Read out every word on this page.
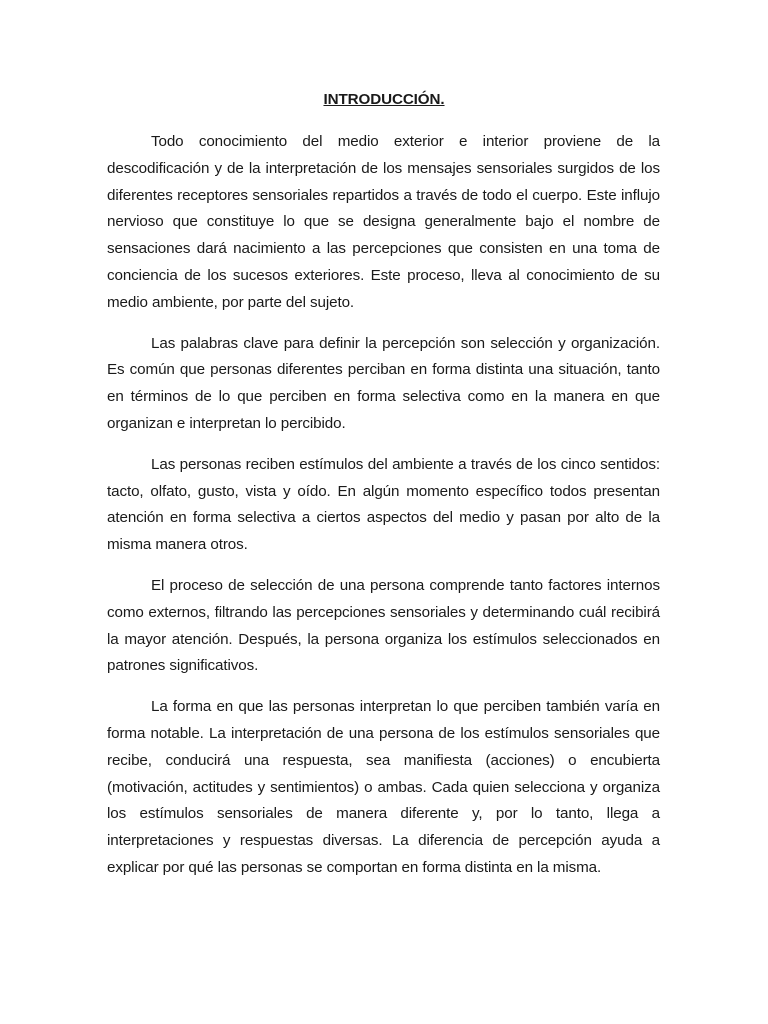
INTRODUCCIÓN.

Todo conocimiento del medio exterior e interior proviene de la descodificación y de la interpretación de los mensajes sensoriales surgidos de los diferentes receptores sensoriales repartidos a través de todo el cuerpo. Este influjo nervioso que constituye lo que se designa generalmente bajo el nombre de sensaciones dará nacimiento a las percepciones que consisten en una toma de conciencia de los sucesos exteriores. Este proceso, lleva al conocimiento de su medio ambiente, por parte del sujeto.

Las palabras clave para definir la percepción son selección y organización. Es común que personas diferentes perciban en forma distinta una situación, tanto en términos de lo que perciben en forma selectiva como en la manera en que organizan e interpretan lo percibido.

Las personas reciben estímulos del ambiente a través de los cinco sentidos: tacto, olfato, gusto, vista y oído. En algún momento específico todos presentan atención en forma selectiva a ciertos aspectos del medio y pasan por alto de la misma manera otros.

El proceso de selección de una persona comprende tanto factores internos como externos, filtrando las percepciones sensoriales y determinando cuál recibirá la mayor atención. Después, la persona organiza los estímulos seleccionados en patrones significativos.

La forma en que las personas interpretan lo que perciben también varía en forma notable. La interpretación de una persona de los estímulos sensoriales que recibe, conducirá una respuesta, sea manifiesta (acciones) o encubierta (motivación, actitudes y sentimientos) o ambas. Cada quien selecciona y organiza los estímulos sensoriales de manera diferente y, por lo tanto, llega a interpretaciones y respuestas diversas. La diferencia de percepción ayuda a explicar por qué las personas se comportan en forma distinta en la misma.
